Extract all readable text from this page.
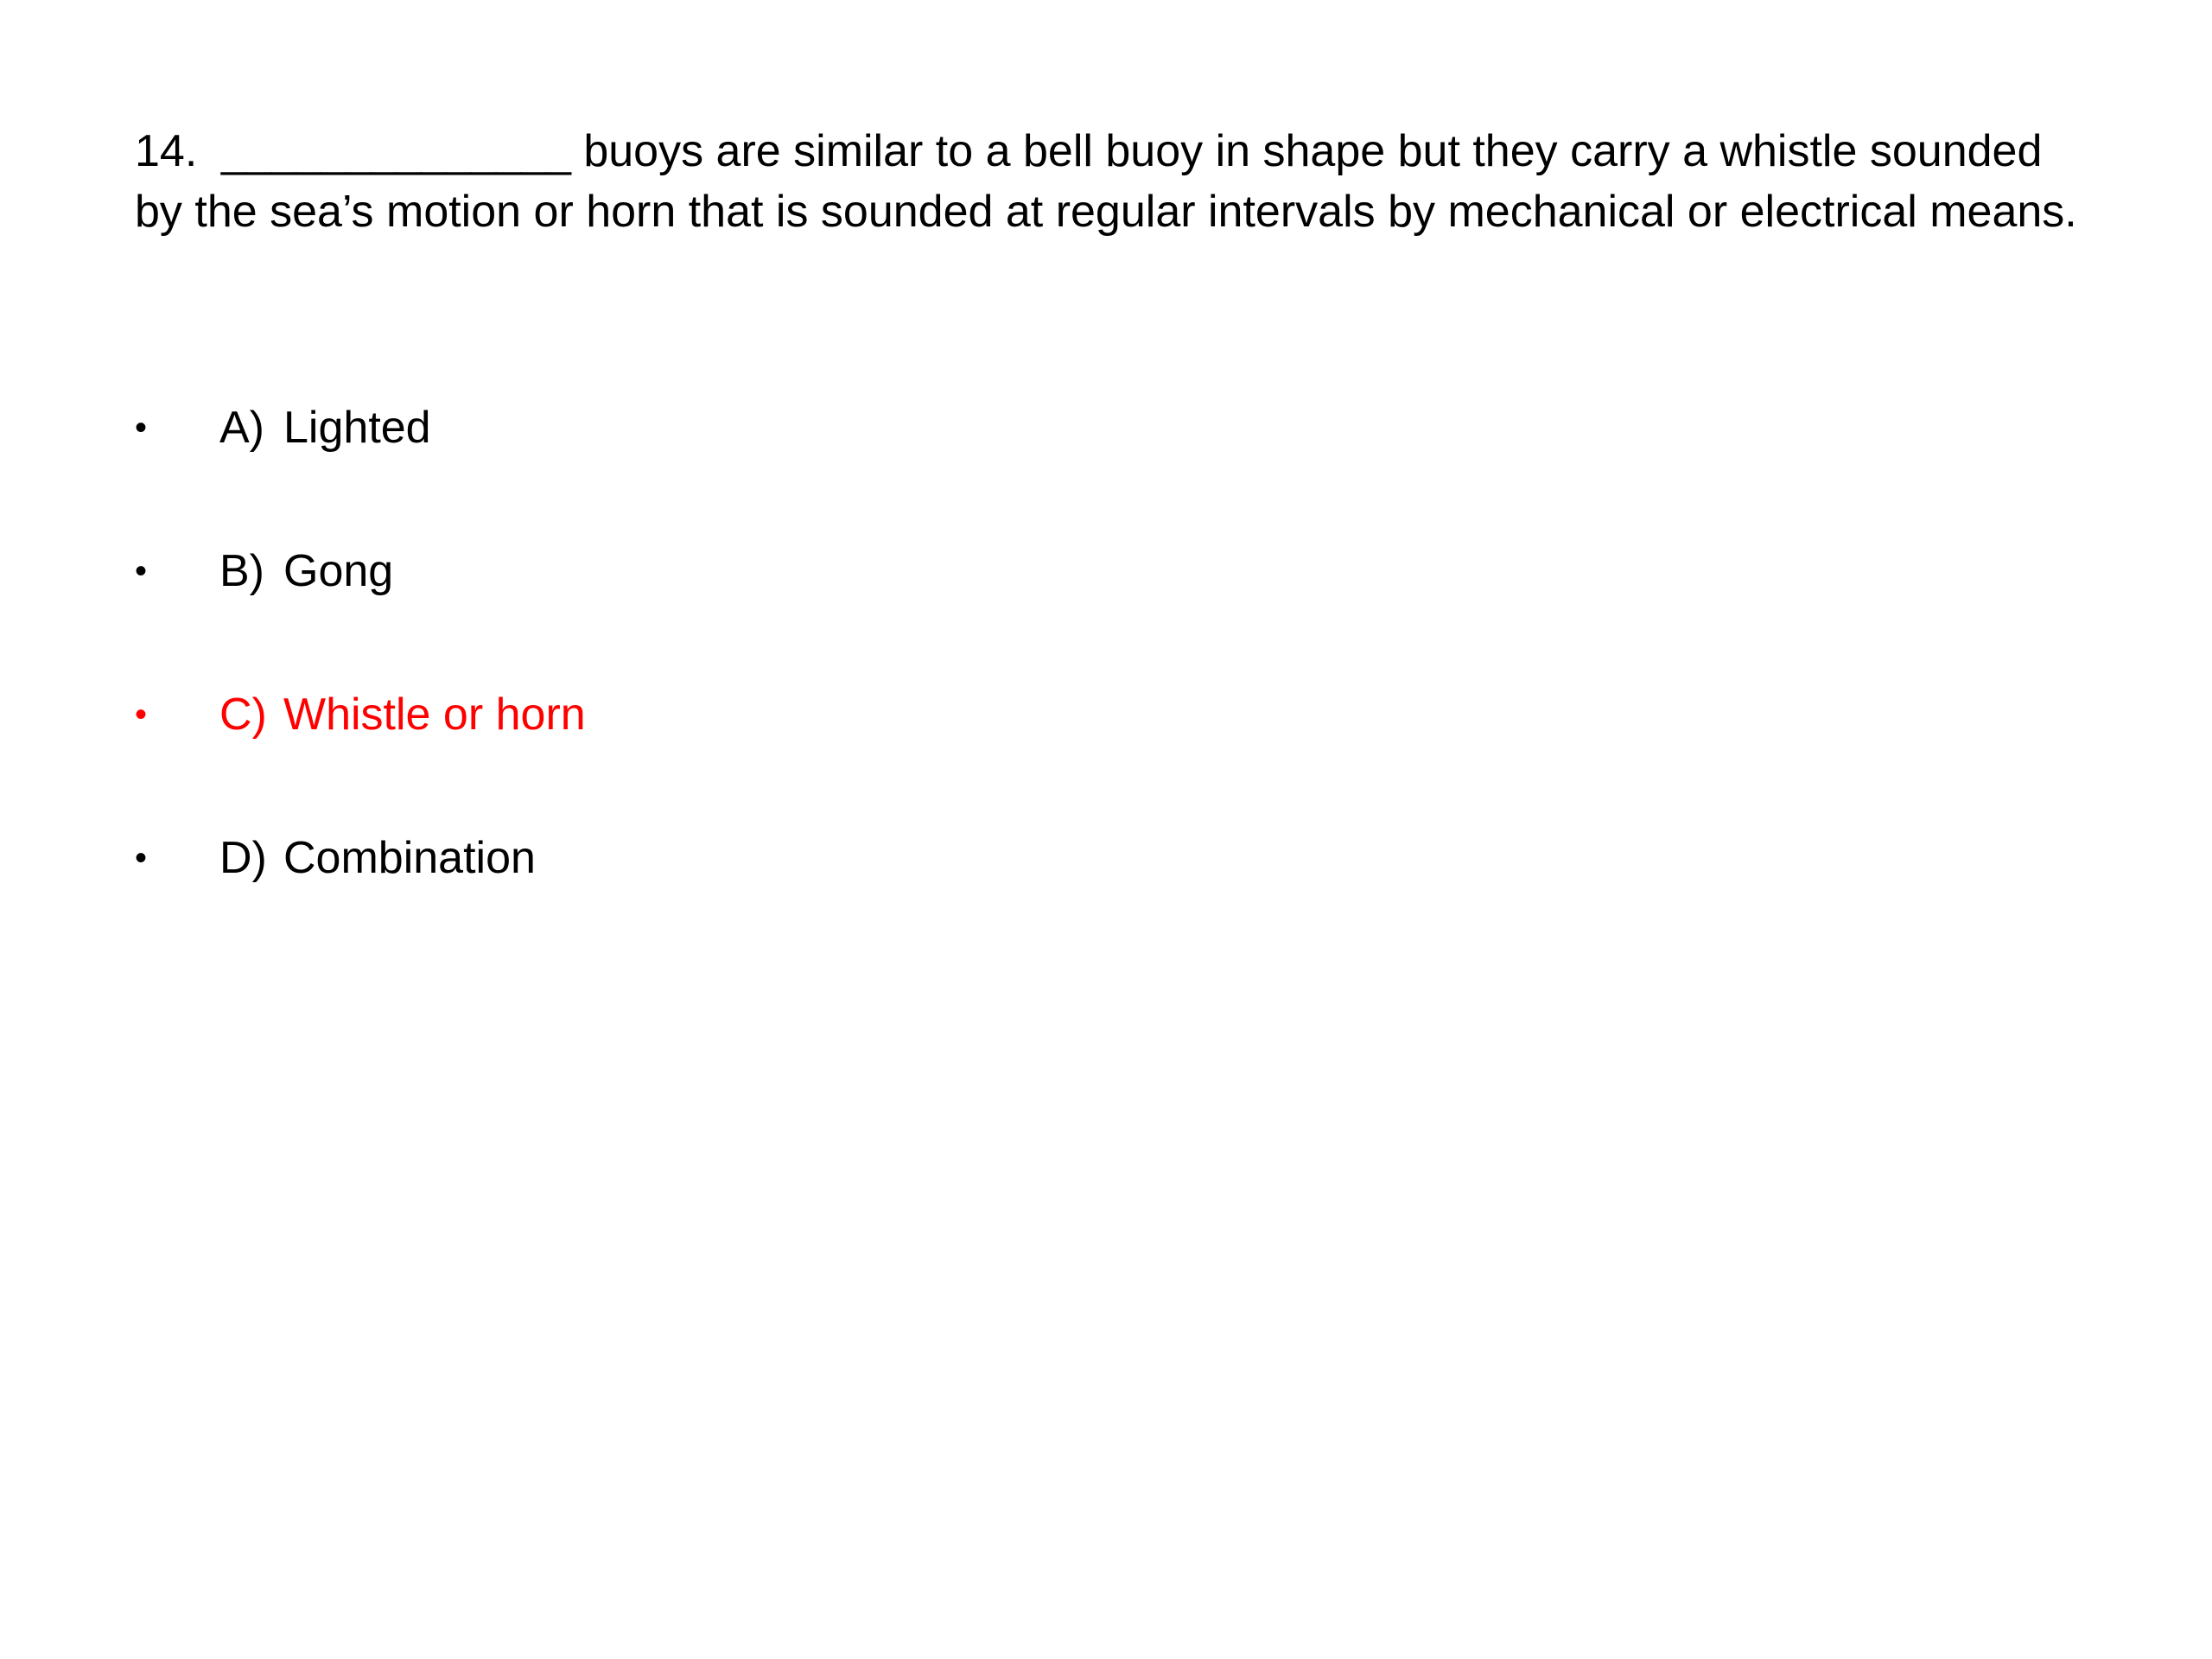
14. ______________ buoys are similar to a bell buoy in shape but they carry a whistle sounded by the sea’s motion or horn that is sounded at regular intervals by mechanical or electrical means.

•	A) Lighted
•	B) Gong
•	C) Whistle or horn
•	D) Combination
